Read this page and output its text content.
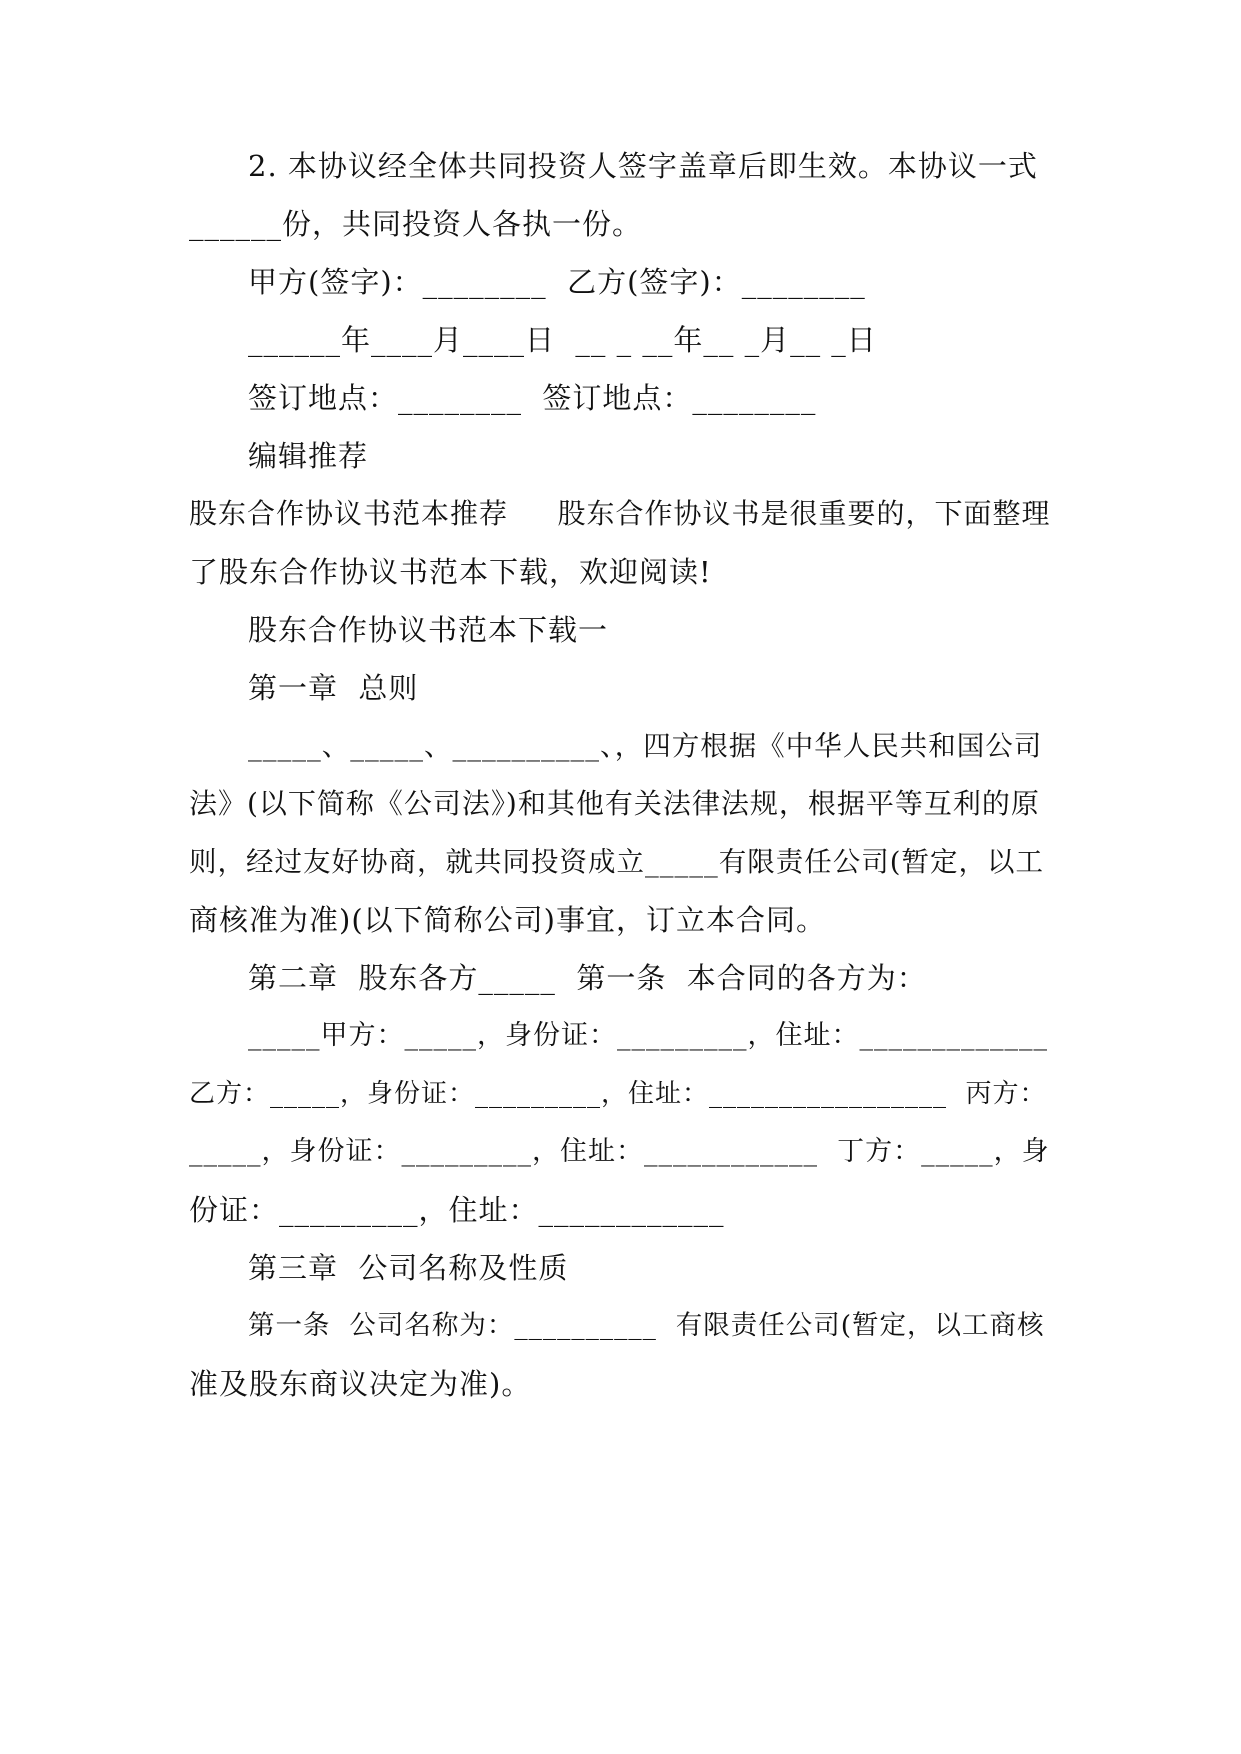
2. 本协议经全体共同投资人签字盖章后即生效。本协议一式
______份，共同投资人各执一份。
甲方(签字)：________  乙方(签字)：________
______年____月____日  __ _ __年__ _月__ _日
签订地点：________  签订地点：________
编辑推荐
股东合作协议书范本推荐     股东合作协议书是很重要的，下面整理
了股东合作协议书范本下载，欢迎阅读!
股东合作协议书范本下载一
第一章  总则
_____、_____、__________、，四方根据《中华人民共和国公司
法》(以下简称《公司法》)和其他有关法律法规，根据平等互利的原
则，经过友好协商，就共同投资成立_____有限责任公司(暂定，以工
商核准为准)(以下简称公司)事宜，订立本合同。
第二章  股东各方_____  第一条  本合同的各方为：
_____甲方：_____，身份证：_________，住址：_____________
乙方：_____，身份证：_________，住址：_________________  丙方：
_____，身份证：_________，住址：____________  丁方：_____，身
份证：_________，住址：____________
第三章  公司名称及性质
第一条  公司名称为：__________  有限责任公司(暂定，以工商核
准及股东商议决定为准)。
